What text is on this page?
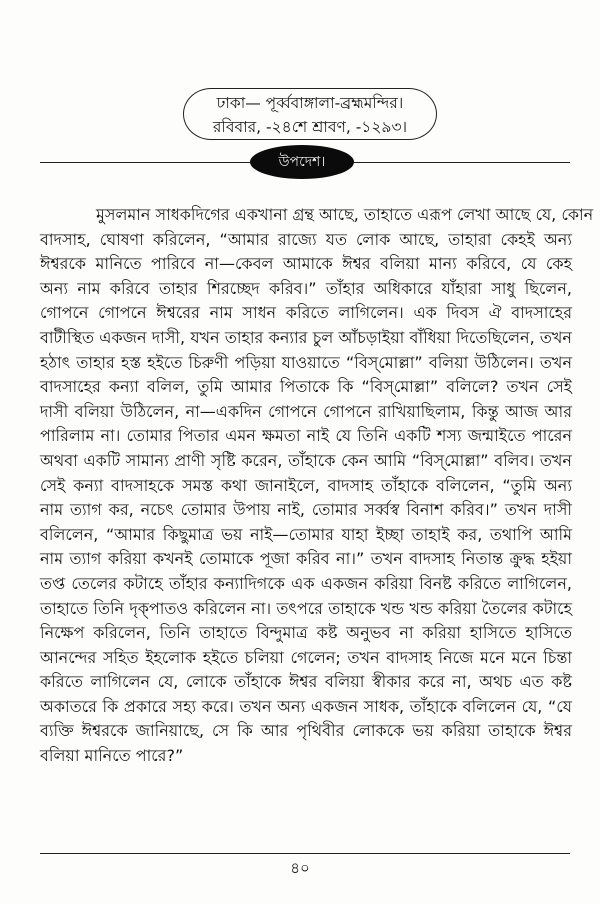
ঢাকা— পূর্ব্ববাঙ্গালা-ব্রহ্মমন্দির।
রবিবার, -২৪শে শ্রাবণ, -১২৯৩।
উপদেশ।
মুসলমান সাধকদিগের একখানা গ্রন্থ আছে, তাহাতে এরূপ লেখা আছে যে, কোন
বাদসাহ, ঘোষণা করিলেন, “আমার রাজ্যে যত লোক আছে, তাহারা কেহই অন্য
ঈশ্বরকে মানিতে পারিবে না—কেবল আমাকে ঈশ্বর বলিয়া মান্য করিবে, যে কেহ
অন্য নাম করিবে তাহার শিরচ্ছেদ করিব।” তাঁহার অধিকারে যাঁহারা সাধু ছিলেন,
গোপনে গোপনে ঈশ্বরের নাম সাধন করিতে লাগিলেন। এক দিবস ঐ বাদসাহের
বাটীস্থিত একজন দাসী, যখন তাহার কন্যার চুল আঁচড়াইয়া বাঁধিয়া দিতেছিলেন, তখন
হঠাৎ তাহার হস্ত হইতে চিরুণী পড়িয়া যাওয়াতে “বিস্‌মোল্লা” বলিয়া উঠিলেন। তখন
বাদসাহের কন্যা বলিল, তুমি আমার পিতাকে কি “বিস্‌মোল্লা” বলিলে? তখন সেই
দাসী বলিয়া উঠিলেন, না—একদিন গোপনে গোপনে রাখিয়াছিলাম, কিন্তু আজ আর
পারিলাম না। তোমার পিতার এমন ক্ষমতা নাই যে তিনি একটি শস্য জন্মাইতে পারেন
অথবা একটি সামান্য প্রাণী সৃষ্টি করেন, তাঁহাকে কেন আমি “বিস্‌মোল্লা” বলিব। তখন
সেই কন্যা বাদসাহকে সমস্ত কথা জানাইলে, বাদসাহ তাঁহাকে বলিলেন, “তুমি অন্য
নাম ত্যাগ কর, নচেৎ তোমার উপায় নাই, তোমার সর্ব্বস্ব বিনাশ করিব।” তখন দাসী
বলিলেন, “আমার কিছুমাত্র ভয় নাই—তোমার যাহা ইচ্ছা তাহাই কর, তথাপি আমি
নাম ত্যাগ করিয়া কখনই তোমাকে পূজা করিব না।” তখন বাদসাহ নিতান্ত ক্রুদ্ধ হইয়া
তপ্ত তেলের কটাহে তাঁহার কন্যাদিগকে এক একজন করিয়া বিনষ্ট করিতে লাগিলেন,
তাহাতে তিনি দৃক্‌পাতও করিলেন না। তৎপরে তাহাকে খন্ড খন্ড করিয়া তৈলের কটাহে
নিক্ষেপ করিলেন, তিনি তাহাতে বিন্দুমাত্র কষ্ট অনুভব না করিয়া হাসিতে হাসিতে
আনন্দের সহিত ইহলোক হইতে চলিয়া গেলেন; তখন বাদসাহ নিজে মনে মনে চিন্তা
করিতে লাগিলেন যে, লোকে তাঁহাকে ঈশ্বর বলিয়া স্বীকার করে না, অথচ এত কষ্ট
অকাতরে কি প্রকারে সহ্য করে। তখন অন্য একজন সাধক, তাঁহাকে বলিলেন যে, “যে
ব্যক্তি ঈশ্বরকে জানিয়াছে, সে কি আর পৃথিবীর লোককে ভয় করিয়া তাহাকে ঈশ্বর
বলিয়া মানিতে পারে?”
৪০
